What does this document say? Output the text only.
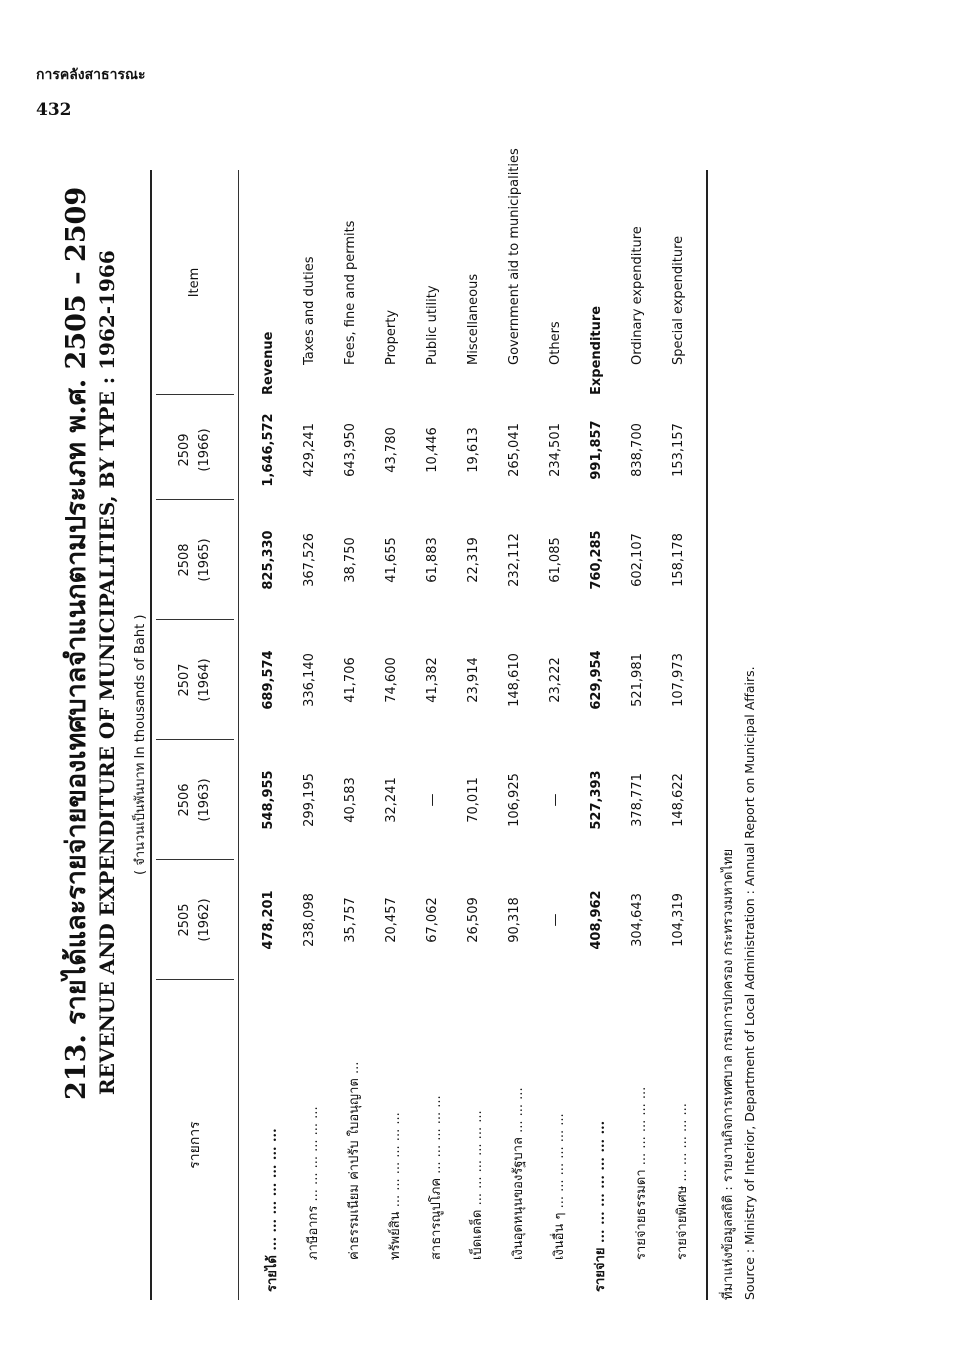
การคลังสาธารณะ
432
213. รายได้และรายจ่ายของเทศบาลจำแนกตามประเภท พ.ศ. 2505 – 2509 REVENUE AND EXPENDITURE OF MUNICIPALITIES, BY TYPE : 1962-1966	( จำนวนเป็นพันบาท In thousands of Baht )
รายการ
2505 (1962)
2506 (1963)
2507 (1964)
2508 (1965)
2509 (1966)
Item
รายได้ ... ... ... ... ... ... ...
478,201
548,955
689,574
825,330
1,646,572
Revenue
ภาษีอากร ... ... ... ... ... ...
238,098
299,195
336,140
367,526
429,241
Taxes and duties
ค่าธรรมเนียม ค่าปรับ ใบอนุญาต ...
35,757
40,583
41,706
38,750
643,950
Fees, fine and permits
ทรัพย์สิน ... ... ... ... ... ...
20,457
32,241
74,600
41,655
43,780
Property
สาธารณูปโภค ... ... ... ... ...
67,062
—
41,382
61,883
10,446
Public utility
เบ็ดเตล็ด ... ... ... ... ... ...
26,509
70,011
23,914
22,319
19,613
Miscellaneous
เงินอุดหนุนของรัฐบาล ... ... ...
90,318
106,925
148,610
232,112
265,041
Government aid to municipalities
เงินอื่น ๆ ... ... ... ... ... ...
—
—
23,222
61,085
234,501
Others
รายจ่าย ... ... ... ... ... ... ...
408,962
527,393
629,954
760,285
991,857
Expenditure
รายจ่ายธรรมดา ... ... ... ... ...
304,643
378,771
521,981
602,107
838,700
Ordinary expenditure
รายจ่ายพิเศษ ... ... ... ... ...
104,319
148,622
107,973
158,178
153,157
Special expenditure
ที่มาแห่งข้อมูลสถิติ : รายงานกิจการเทศบาล กรมการปกครอง กระทรวงมหาดไทย Source : Ministry of Interior, Department of Local Administration : Annual Report on Municipal Affairs.
